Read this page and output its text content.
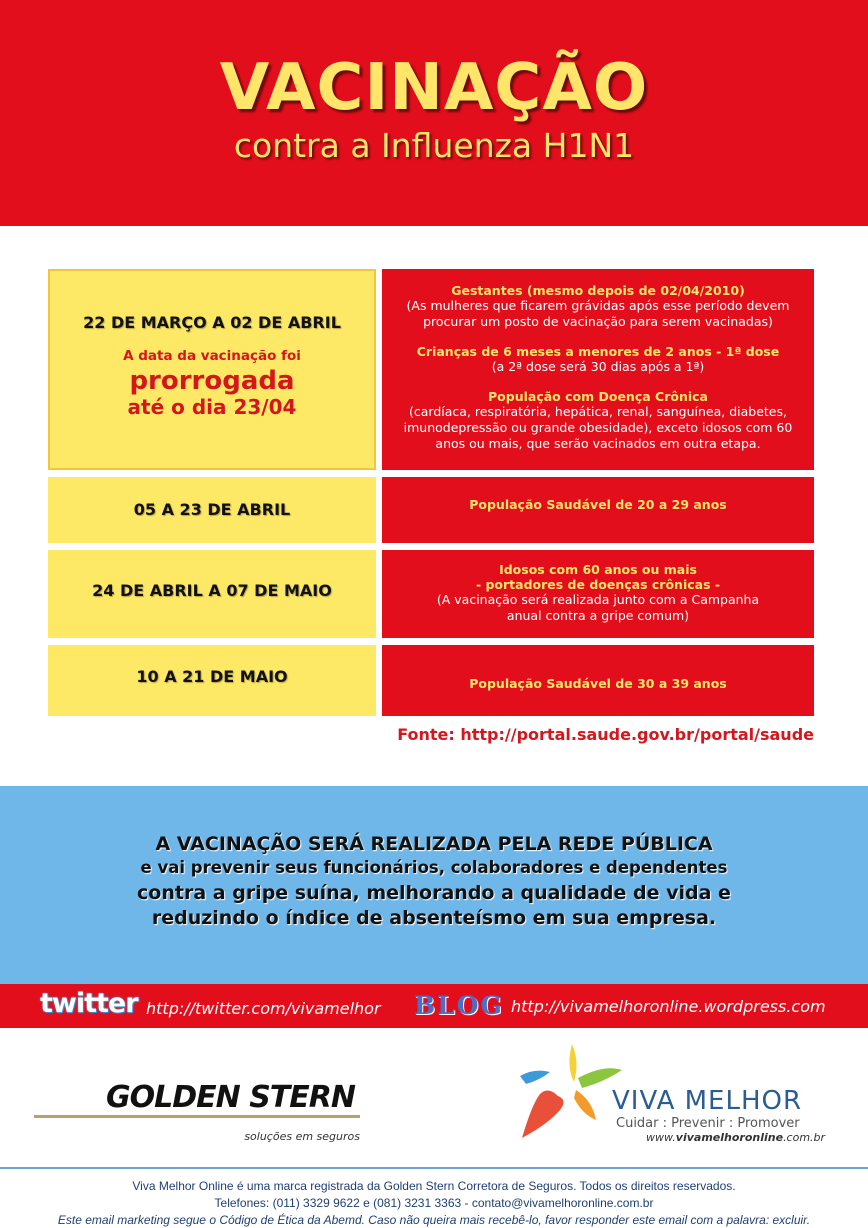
VACINAÇÃO
contra a Influenza H1N1
22 DE MARÇO A 02 DE ABRIL
A data da vacinação foi
prorrogada
até o dia 23/04
Gestantes (mesmo depois de 02/04/2010)
(As mulheres que ficarem grávidas após esse período devem procurar um posto de vacinação para serem vacinadas)
Crianças de 6 meses a menores de 2 anos - 1ª dose
(a 2ª dose será 30 dias após a 1ª)
População com Doença Crônica
(cardíaca, respiratória, hepática, renal, sanguínea, diabetes, imunodepressão ou grande obesidade), exceto idosos com 60 anos ou mais, que serão vacinados em outra etapa.
05 A 23 DE ABRIL	População Saudável de 20 a 29 anos
24 DE ABRIL A 07 DE MAIO
Idosos com 60 anos ou mais
- portadores de doenças crônicas -
(A vacinação será realizada junto com a Campanha anual contra a gripe comum)
10 A 21 DE MAIO	População Saudável de 30 a 39 anos
Fonte: http://portal.saude.gov.br/portal/saude
A VACINAÇÃO SERÁ REALIZADA PELA REDE PÚBLICA
e vai prevenir seus funcionários, colaboradores e dependentes
contra a gripe suína, melhorando a qualidade de vida e
reduzindo o índice de absenteísmo em sua empresa.
twitter http://twitter.com/vivamelhor BLOG http://vivamelhoronline.wordpress.com
GOLDEN STERN
soluções em seguros
VIVA MELHOR
Cuidar : Prevenir : Promover
www.vivamelhoronline.com.br
Viva Melhor Online é uma marca registrada da Golden Stern Corretora de Seguros. Todos os direitos reservados.
Telefones: (011) 3329 9622 e (081) 3231 3363 - contato@vivamelhoronline.com.br
Este email marketing segue o Código de Ética da Abemd. Caso não queira mais recebê-lo, favor responder este email com a palavra: excluir.
